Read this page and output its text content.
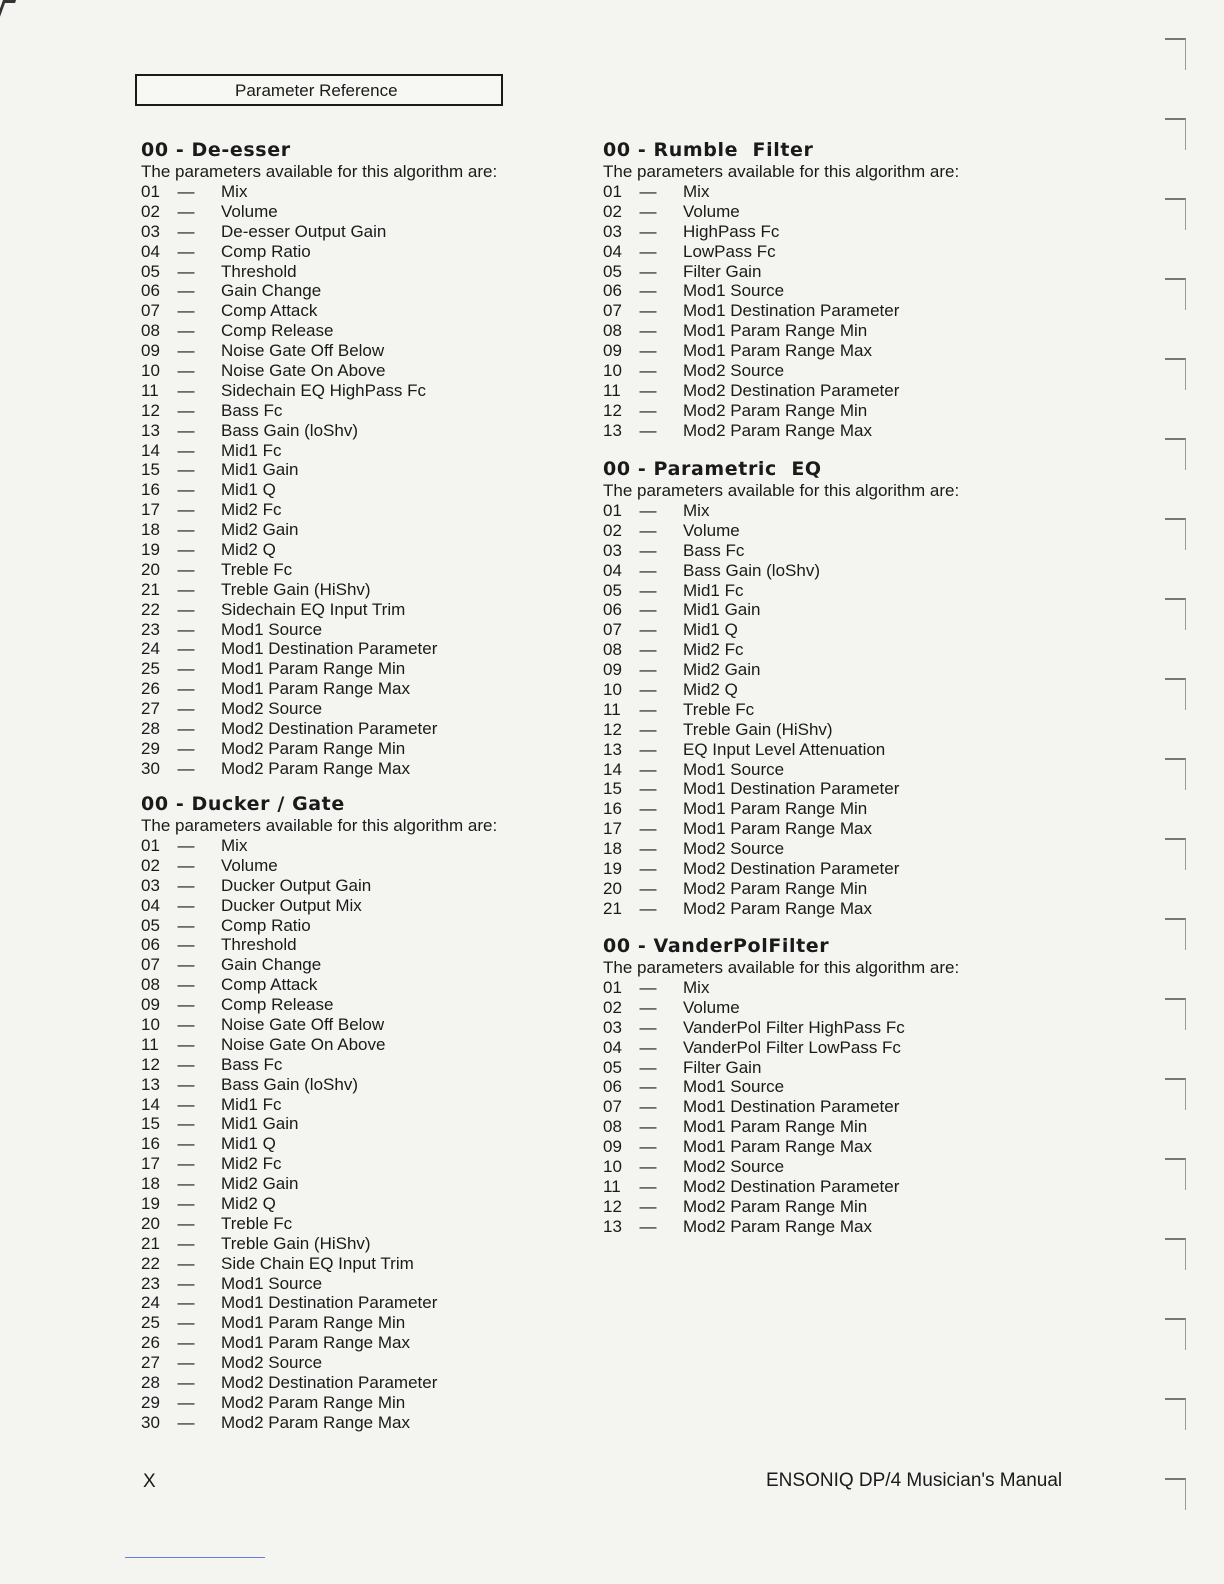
Parameter Reference
00 - De-esser
The parameters available for this algorithm are:
01	— Mix
02	— Volume
03	— De-esser Output Gain
04	— Comp Ratio
05	— Threshold
06	— Gain Change
07	— Comp Attack
08	— Comp Release
09	— Noise Gate Off Below
10	— Noise Gate On Above
11	— Sidechain EQ HighPass Fc
12	— Bass Fc
13	— Bass Gain (loShv)
14	— Mid1 Fc
15	— Mid1 Gain
16	— Mid1 Q
17	— Mid2 Fc
18	— Mid2 Gain
19	— Mid2 Q
20	— Treble Fc
21	— Treble Gain (HiShv)
22	— Sidechain EQ Input Trim
23	— Mod1 Source
24	— Mod1 Destination Parameter
25	— Mod1 Param Range Min
26	— Mod1 Param Range Max
27	— Mod2 Source
28	— Mod2 Destination Parameter
29	— Mod2 Param Range Min
30	— Mod2 Param Range Max
00 - Ducker / Gate
The parameters available for this algorithm are:
01	— Mix
02	— Volume
03	— Ducker Output Gain
04	— Ducker Output Mix
05	— Comp Ratio
06	— Threshold
07	— Gain Change
08	— Comp Attack
09	— Comp Release
10	— Noise Gate Off Below
11	— Noise Gate On Above
12	— Bass Fc
13	— Bass Gain (loShv)
14	— Mid1 Fc
15	— Mid1 Gain
16	— Mid1 Q
17	— Mid2 Fc
18	— Mid2 Gain
19	— Mid2 Q
20	— Treble Fc
21	— Treble Gain (HiShv)
22	— Side Chain EQ Input Trim
23	— Mod1 Source
24	— Mod1 Destination Parameter
25	— Mod1 Param Range Min
26	— Mod1 Param Range Max
27	— Mod2 Source
28	— Mod2 Destination Parameter
29	— Mod2 Param Range Min
30	— Mod2 Param Range Max
00 - Rumble  Filter
The parameters available for this algorithm are:
01	— Mix
02	— Volume
03	— HighPass Fc
04	— LowPass Fc
05	— Filter Gain
06	— Mod1 Source
07	— Mod1 Destination Parameter
08	— Mod1 Param Range Min
09	— Mod1 Param Range Max
10	— Mod2 Source
11	— Mod2 Destination Parameter
12	— Mod2 Param Range Min
13	— Mod2 Param Range Max
00 - Parametric  EQ
The parameters available for this algorithm are:
01	— Mix
02	— Volume
03	— Bass Fc
04	— Bass Gain (loShv)
05	— Mid1 Fc
06	— Mid1 Gain
07	— Mid1 Q
08	— Mid2 Fc
09	— Mid2 Gain
10	— Mid2 Q
11	— Treble Fc
12	— Treble Gain (HiShv)
13	— EQ Input Level Attenuation
14	— Mod1 Source
15	— Mod1 Destination Parameter
16	— Mod1 Param Range Min
17	— Mod1 Param Range Max
18	— Mod2 Source
19	— Mod2 Destination Parameter
20	— Mod2 Param Range Min
21	— Mod2 Param Range Max
00 - VanderPolFilter
The parameters available for this algorithm are:
01	— Mix
02	— Volume
03	— VanderPol Filter HighPass Fc
04	— VanderPol Filter LowPass Fc
05	— Filter Gain
06	— Mod1 Source
07	— Mod1 Destination Parameter
08	— Mod1 Param Range Min
09	— Mod1 Param Range Max
10	— Mod2 Source
11	— Mod2 Destination Parameter
12	— Mod2 Param Range Min
13	— Mod2 Param Range Max
X	ENSONIQ DP/4 Musician's Manual
